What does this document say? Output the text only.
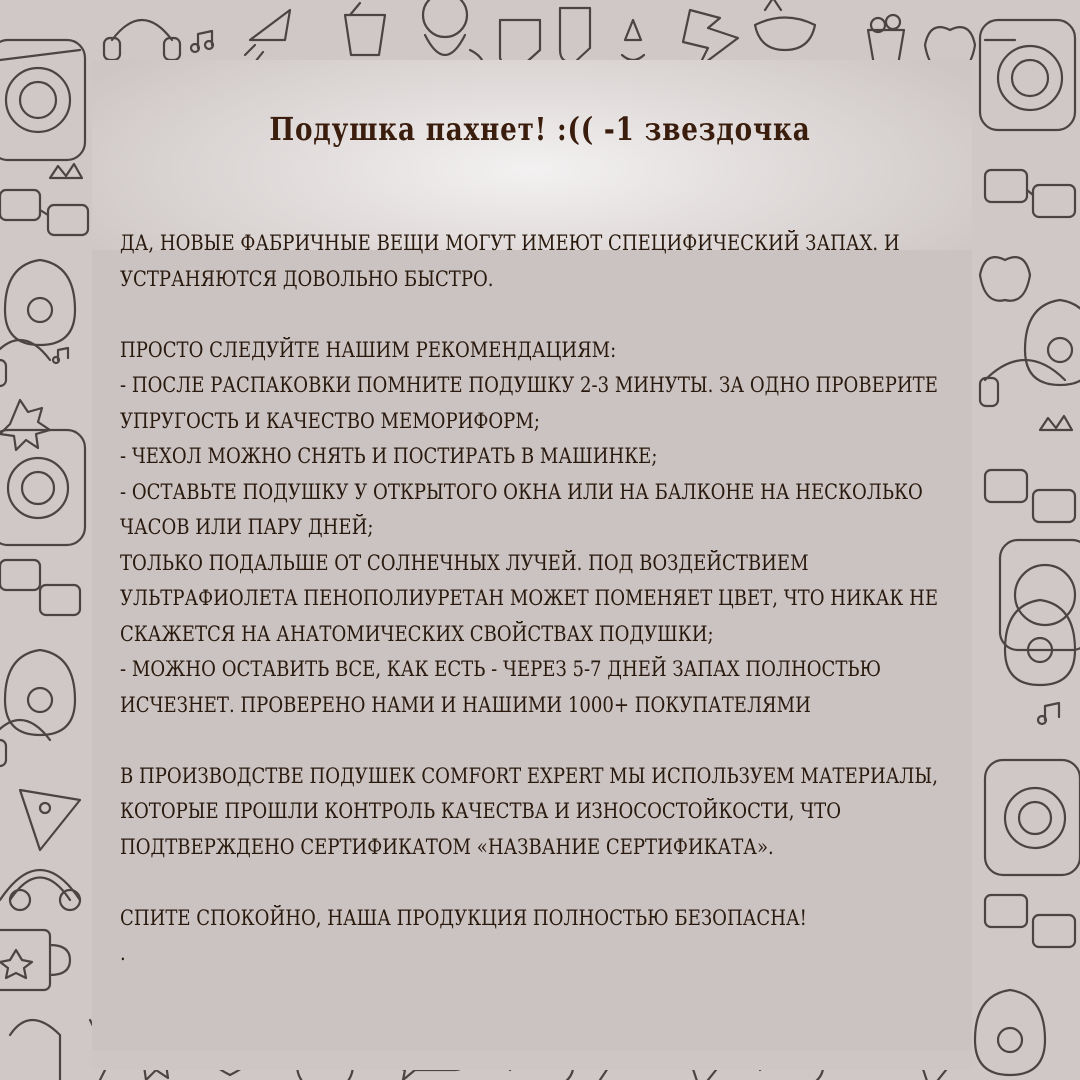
Подушка пахнет! :(( -1 звездочка
ДА, НОВЫЕ ФАБРИЧНЫЕ ВЕЩИ МОГУТ ИМЕЮТ СПЕЦИФИЧЕСКИЙ ЗАПАХ. И
УСТРАНЯЮТСЯ ДОВОЛЬНО БЫСТРО.
ПРОСТО СЛЕДУЙТЕ НАШИМ РЕКОМЕНДАЦИЯМ:
- ПОСЛЕ РАСПАКОВКИ ПОМНИТЕ ПОДУШКУ 2-3 МИНУТЫ. ЗА ОДНО ПРОВЕРИТЕ
УПРУГОСТЬ И КАЧЕСТВО МЕМОРИФОРМ;
- ЧЕХОЛ МОЖНО СНЯТЬ И ПОСТИРАТЬ В МАШИНКЕ;
- ОСТАВЬТЕ ПОДУШКУ У ОТКРЫТОГО ОКНА ИЛИ НА БАЛКОНЕ НА НЕСКОЛЬКО
ЧАСОВ ИЛИ ПАРУ ДНЕЙ;
ТОЛЬКО ПОДАЛЬШЕ ОТ СОЛНЕЧНЫХ ЛУЧЕЙ. ПОД ВОЗДЕЙСТВИЕМ
УЛЬТРАФИОЛЕТА ПЕНОПОЛИУРЕТАН МОЖЕТ ПОМЕНЯЕТ ЦВЕТ, ЧТО НИКАК НЕ
СКАЖЕТСЯ НА АНАТОМИЧЕСКИХ СВОЙСТВАХ ПОДУШКИ;
- МОЖНО ОСТАВИТЬ ВСЕ, КАК ЕСТЬ - ЧЕРЕЗ 5-7 ДНЕЙ ЗАПАХ ПОЛНОСТЬЮ
ИСЧЕЗНЕТ. ПРОВЕРЕНО НАМИ И НАШИМИ 1000+ ПОКУПАТЕЛЯМИ
В ПРОИЗВОДСТВЕ ПОДУШЕК COMFORT EXPERT МЫ ИСПОЛЬЗУЕМ МАТЕРИАЛЫ,
КОТОРЫЕ ПРОШЛИ КОНТРОЛЬ КАЧЕСТВА И ИЗНОСОСТОЙКОСТИ, ЧТО
ПОДТВЕРЖДЕНО СЕРТИФИКАТОМ «НАЗВАНИЕ СЕРТИФИКАТА».
СПИТЕ СПОКОЙНО, НАША ПРОДУКЦИЯ ПОЛНОСТЬЮ БЕЗОПАСНА!
.
